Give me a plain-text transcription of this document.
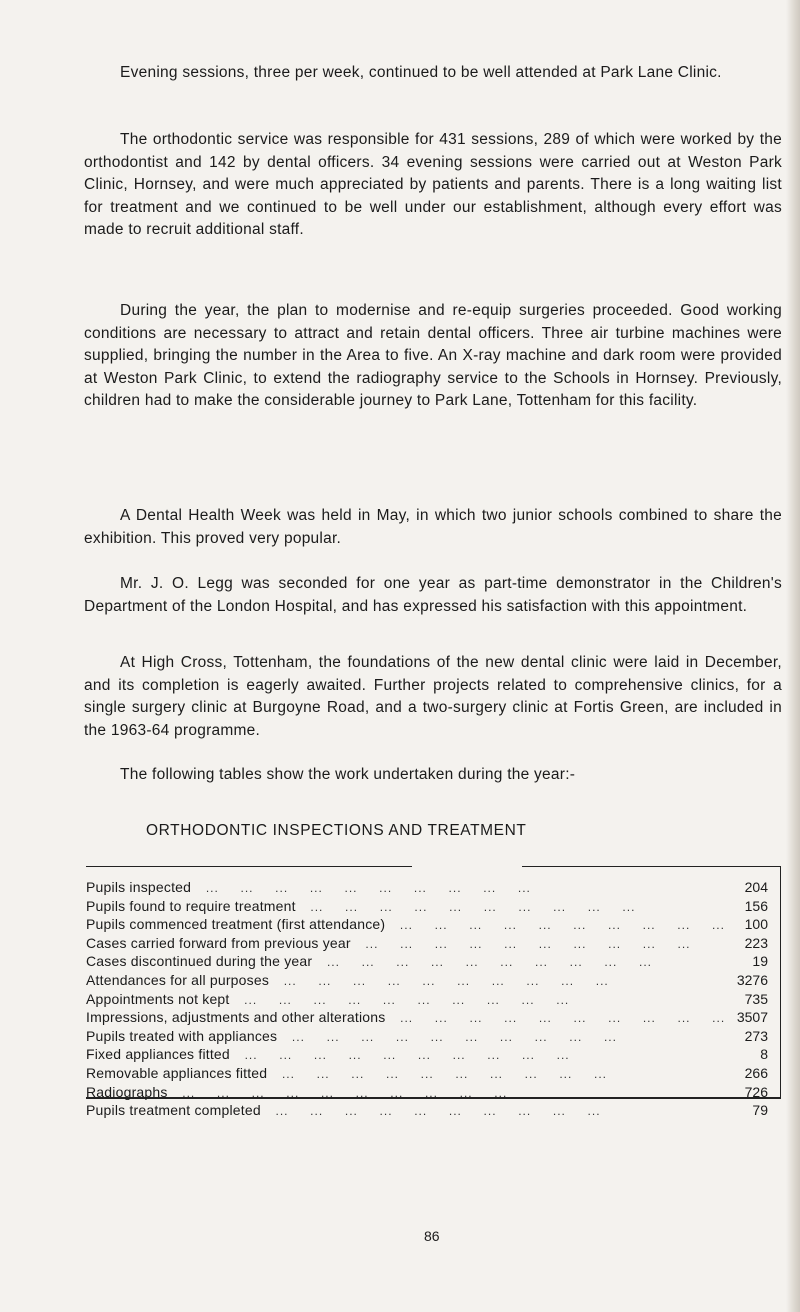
Evening sessions, three per week, continued to be well attended at Park Lane Clinic.

The orthodontic service was responsible for 431 sessions, 289 of which were worked by the orthodontist and 142 by dental officers. 34 evening sessions were carried out at Weston Park Clinic, Hornsey, and were much appreciated by patients and parents. There is a long waiting list for treatment and we continued to be well under our establishment, although every effort was made to recruit additional staff.

During the year, the plan to modernise and re-equip surgeries proceeded. Good working conditions are necessary to attract and retain dental officers. Three air turbine machines were supplied, bringing the number in the Area to five. An X-ray machine and dark room were provided at Weston Park Clinic, to extend the radiography service to the Schools in Hornsey. Previously, children had to make the considerable journey to Park Lane, Tottenham for this facility.

A Dental Health Week was held in May, in which two junior schools combined to share the exhibition. This proved very popular.

Mr. J. O. Legg was seconded for one year as part-time demonstrator in the Children's Department of the London Hospital, and has expressed his satisfaction with this appointment.

At High Cross, Tottenham, the foundations of the new dental clinic were laid in December, and its completion is eagerly awaited. Further projects related to comprehensive clinics, for a single surgery clinic at Burgoyne Road, and a two-surgery clinic at Fortis Green, are included in the 1963-64 programme.

The following tables show the work undertaken during the year:-

ORTHODONTIC INSPECTIONS AND TREATMENT

Pupils inspected ...     ...     ...     ...     ...     ...     ...     ...     ...     ...	204
Pupils found to require treatment ...     ...     ...     ...     ...     ...     ...     ...     ...     ...	156
Pupils commenced treatment (first attendance) ...     ...     ...     ...     ...     ...     ...     ...     ...     ...	100
Cases carried forward from previous year ...     ...     ...     ...     ...     ...     ...     ...     ...     ...	223
Cases discontinued during the year ...     ...     ...     ...     ...     ...     ...     ...     ...     ...	19
Attendances for all purposes ...     ...     ...     ...     ...     ...     ...     ...     ...     ...	3276
Appointments not kept ...     ...     ...     ...     ...     ...     ...     ...     ...     ...	735
Impressions, adjustments and other alterations ...     ...     ...     ...     ...     ...     ...     ...     ...     ... 3507
Pupils treated with appliances ...     ...     ...     ...     ...     ...     ...     ...     ...     ...	273
Fixed appliances fitted ...     ...     ...     ...     ...     ...     ...     ...     ...     ...	8
Removable appliances fitted ...     ...     ...     ...     ...     ...     ...     ...     ...     ...	266
Radiographs ...     ...     ...     ...     ...     ...     ...     ...     ...     ...	726
Pupils treatment completed ...     ...     ...     ...     ...     ...     ...     ...     ...     ...	79
86
